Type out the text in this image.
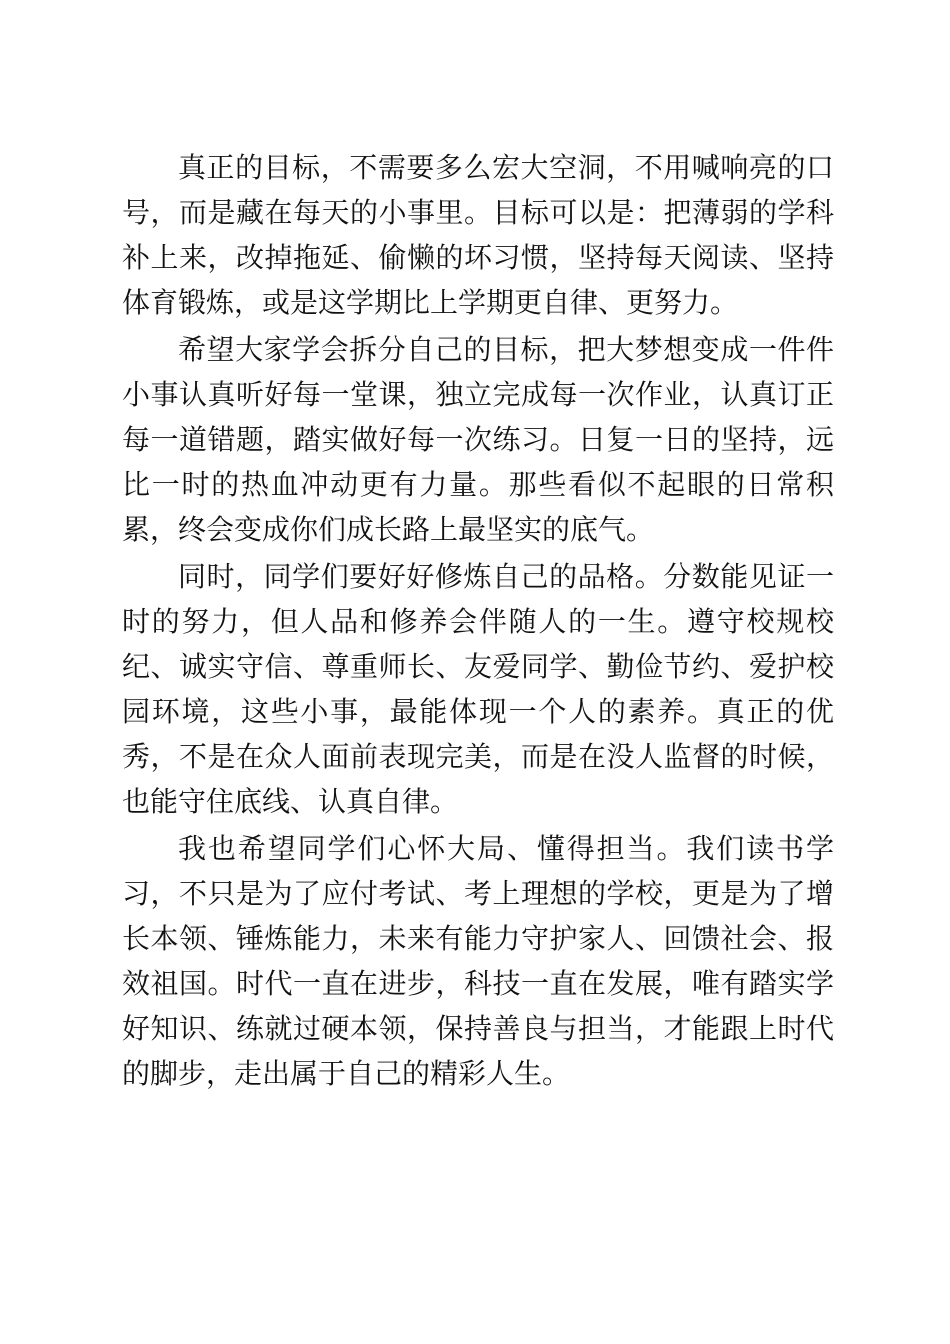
真正的目标，不需要多么宏大空洞，不用喊响亮的口号，而是藏在每天的小事里。目标可以是：把薄弱的学科补上来，改掉拖延、偷懒的坏习惯，坚持每天阅读、坚持体育锻炼，或是这学期比上学期更自律、更努力。

希望大家学会拆分自己的目标，把大梦想变成一件件小事认真听好每一堂课，独立完成每一次作业，认真订正每一道错题，踏实做好每一次练习。日复一日的坚持，远比一时的热血冲动更有力量。那些看似不起眼的日常积累，终会变成你们成长路上最坚实的底气。

同时，同学们要好好修炼自己的品格。分数能见证一时的努力，但人品和修养会伴随人的一生。遵守校规校纪、诚实守信、尊重师长、友爱同学、勤俭节约、爱护校园环境，这些小事，最能体现一个人的素养。真正的优秀，不是在众人面前表现完美，而是在没人监督的时候，也能守住底线、认真自律。

我也希望同学们心怀大局、懂得担当。我们读书学习，不只是为了应付考试、考上理想的学校，更是为了增长本领、锤炼能力，未来有能力守护家人、回馈社会、报效祖国。时代一直在进步，科技一直在发展，唯有踏实学好知识、练就过硬本领，保持善良与担当，才能跟上时代的脚步，走出属于自己的精彩人生。
